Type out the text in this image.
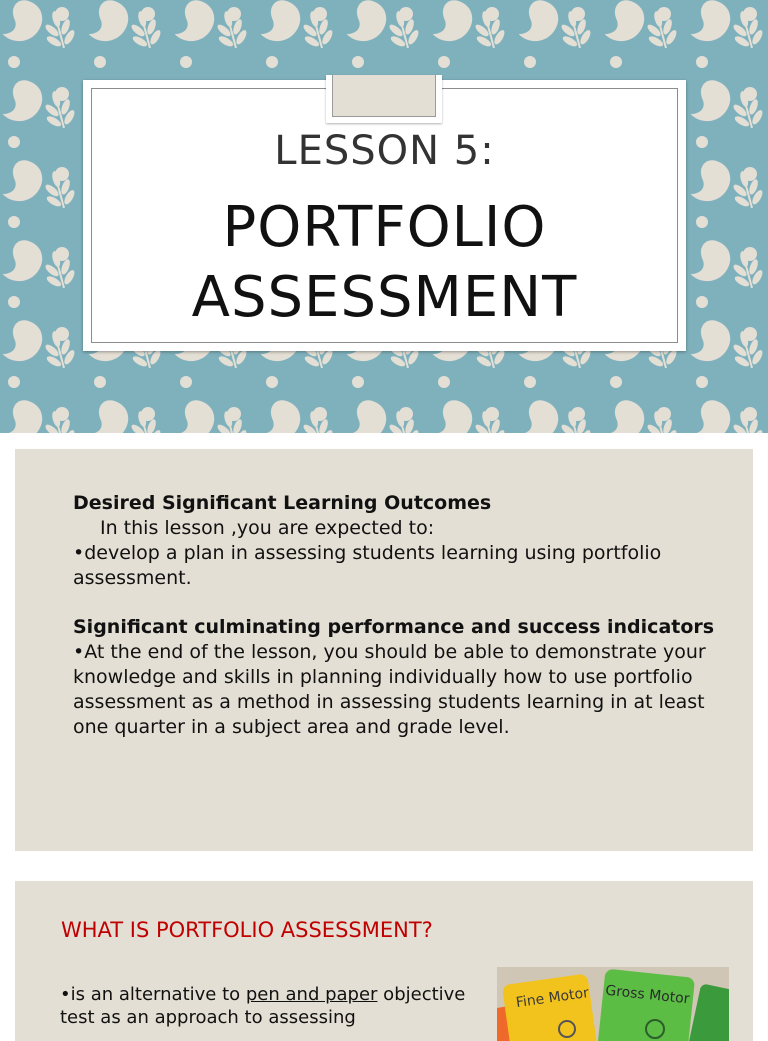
LESSON 5:
PORTFOLIO
ASSESSMENT

Desired Significant Learning Outcomes

In this lesson ,you are expected to:

•develop a plan in assessing students learning using portfolio assessment.

Significant culminating performance and success indicators

•At the end of the lesson, you should be able to demonstrate your knowledge and skills in planning individually how to use portfolio assessment as a method in assessing students learning in at least one quarter in a subject area and grade level.

WHAT IS PORTFOLIO ASSESSMENT?
•is an alternative to pen and paper objective test as an approach to assessing
Fine Motor Gross Motor
